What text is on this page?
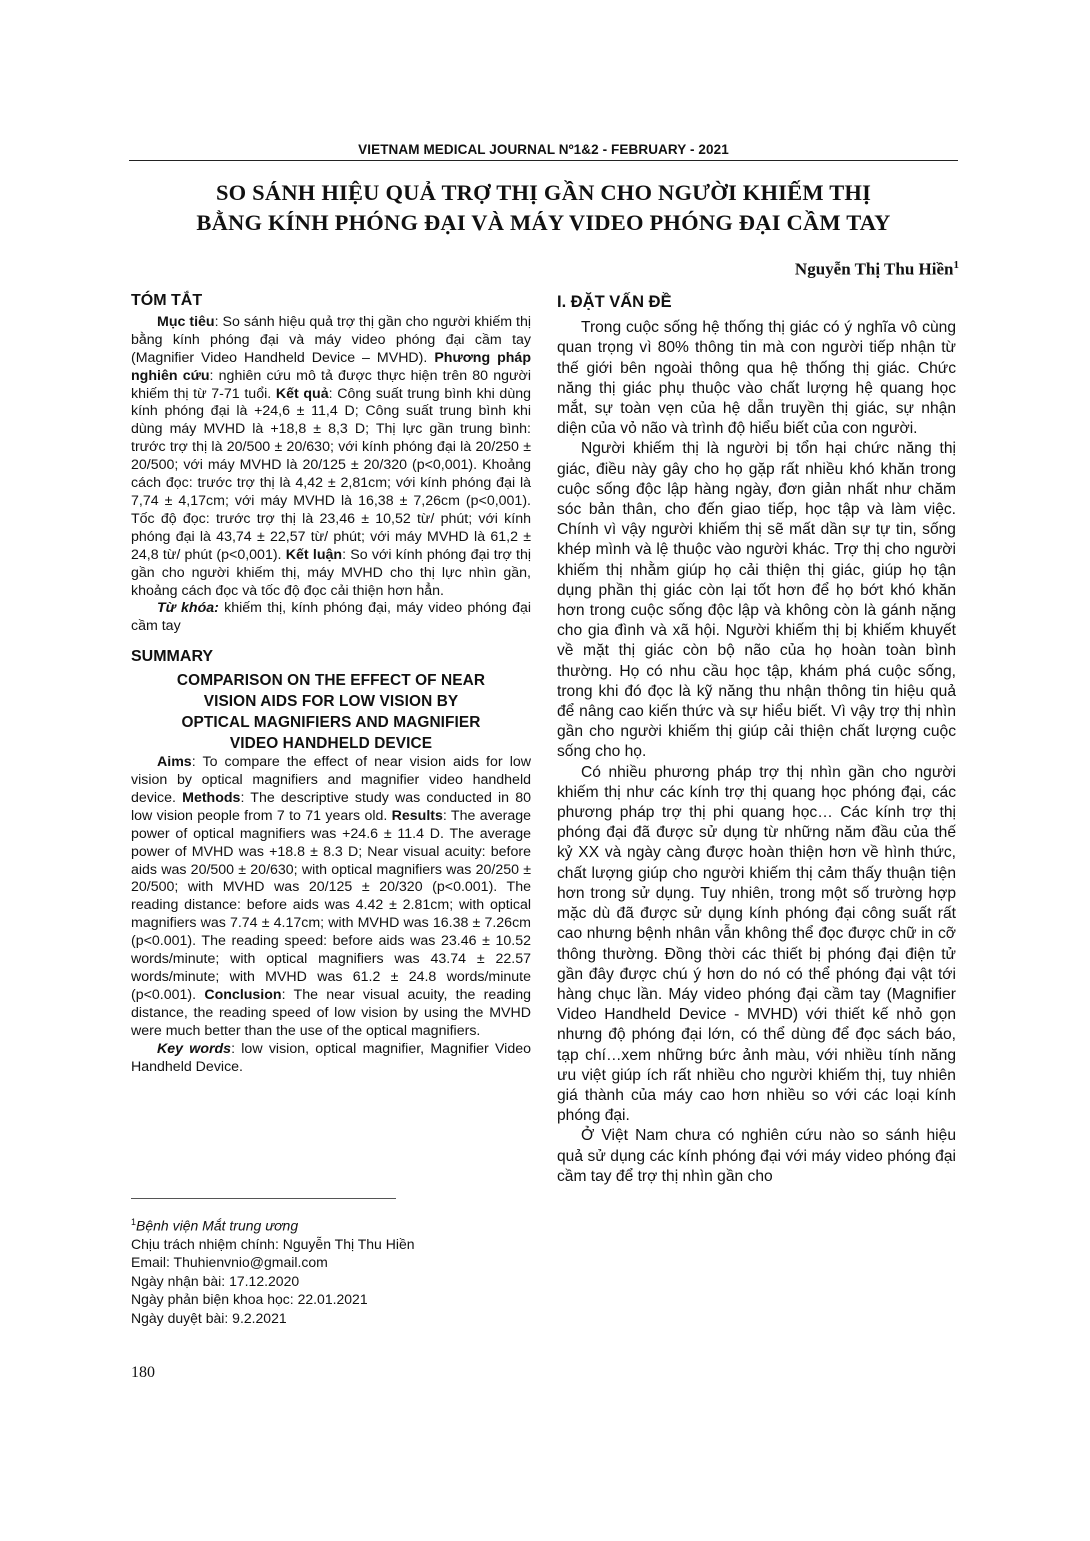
VIETNAM MEDICAL JOURNAL Nº1&2 - FEBRUARY - 2021
SO SÁNH HIỆU QUẢ TRỢ THỊ GẦN CHO NGƯỜI KHIẾM THỊ
BẰNG KÍNH PHÓNG ĐẠI VÀ MÁY VIDEO PHÓNG ĐẠI CẦM TAY
Nguyễn Thị Thu Hiền$^1$
TÓM TẮT

Mục tiêu: So sánh hiệu quả trợ thị gần cho người khiếm thị bằng kính phóng đại và máy video phóng đại cầm tay (Magnifier Video Handheld Device – MVHD). Phương pháp nghiên cứu: nghiên cứu mô tả được thực hiện trên 80 người khiếm thị từ 7-71 tuổi. Kết quả: Công suất trung bình khi dùng kính phóng đại là +24,6 ± 11,4 D; Công suất trung bình khi dùng máy MVHD là +18,8 ± 8,3 D; Thị lực gần trung bình: trước trợ thị là 20/500 ± 20/630; với kính phóng đại là 20/250 ± 20/500; với máy MVHD là 20/125 ± 20/320 (p<0,001). Khoảng cách đọc: trước trợ thị là 4,42 ± 2,81cm; với kính phóng đại là 7,74 ± 4,17cm; với máy MVHD là 16,38 ± 7,26cm (p<0,001). Tốc độ đọc: trước trợ thị là 23,46 ± 10,52 từ/ phút; với kính phóng đại là 43,74 ± 22,57 từ/ phút; với máy MVHD là 61,2 ± 24,8 từ/ phút (p<0,001). Kết luận: So với kính phóng đại trợ thị gần cho người khiếm thị, máy MVHD cho thị lực nhìn gần, khoảng cách đọc và tốc độ đọc cải thiện hơn hẳn.

Từ khóa: khiếm thị, kính phóng đại, máy video phóng đại cầm tay

SUMMARY
COMPARISON ON THE EFFECT OF NEAR
VISION AIDS FOR LOW VISION BY
OPTICAL MAGNIFIERS AND MAGNIFIER
VIDEO HANDHELD DEVICE

Aims: To compare the effect of near vision aids for low vision by optical magnifiers and magnifier video handheld device. Methods: The descriptive study was conducted in 80 low vision people from 7 to 71 years old. Results: The average power of optical magnifiers was +24.6 ± 11.4 D. The average power of MVHD was +18.8 ± 8.3 D; Near visual acuity: before aids was 20/500 ± 20/630; with optical magnifiers was 20/250 ± 20/500; with MVHD was 20/125 ± 20/320 (p<0.001). The reading distance: before aids was 4.42 ± 2.81cm; with optical magnifiers was 7.74 ± 4.17cm; with MVHD was 16.38 ± 7.26cm (p<0.001). The reading speed: before aids was 23.46 ± 10.52 words/minute; with optical magnifiers was 43.74 ± 22.57 words/minute; with MVHD was 61.2 ± 24.8 words/minute (p<0.001). Conclusion: The near visual acuity, the reading distance, the reading speed of low vision by using the MVHD were much better than the use of the optical magnifiers.

Key words: low vision, optical magnifier, Magnifier Video Handheld Device.

$^1$Bệnh viện Mắt trung ương
Chịu trách nhiệm chính: Nguyễn Thị Thu Hiền
Email: Thuhienvnio@gmail.com
Ngày nhận bài: 17.12.2020
Ngày phản biện khoa học: 22.01.2021
Ngày duyệt bài: 9.2.2021
180
I. ĐẶT VẤN ĐỀ

Trong cuộc sống hệ thống thị giác có ý nghĩa vô cùng quan trọng vì 80% thông tin mà con người tiếp nhận từ thế giới bên ngoài thông qua hệ thống thị giác. Chức năng thị giác phụ thuộc vào chất lượng hệ quang học mắt, sự toàn vẹn của hệ dẫn truyền thị giác, sự nhận diện của vỏ não và trình độ hiểu biết của con người.

Người khiếm thị là người bị tổn hại chức năng thị giác, điều này gây cho họ gặp rất nhiều khó khăn trong cuộc sống độc lập hàng ngày, đơn giản nhất như chăm sóc bản thân, cho đến giao tiếp, học tập và làm việc. Chính vì vậy người khiếm thị sẽ mất dần sự tự tin, sống khép mình và lệ thuộc vào người khác. Trợ thị cho người khiếm thị nhằm giúp họ cải thiện thị giác, giúp họ tận dụng phần thị giác còn lại tốt hơn để họ bớt khó khăn hơn trong cuộc sống độc lập và không còn là gánh nặng cho gia đình và xã hội. Người khiếm thị bị khiếm khuyết về mặt thị giác còn bộ não của họ hoàn toàn bình thường. Họ có nhu cầu học tập, khám phá cuộc sống, trong khi đó đọc là kỹ năng thu nhận thông tin hiệu quả để nâng cao kiến thức và sự hiểu biết. Vì vậy trợ thị nhìn gần cho người khiếm thị giúp cải thiện chất lượng cuộc sống cho họ.

Có nhiều phương pháp trợ thị nhìn gần cho người khiếm thị như các kính trợ thị quang học phóng đại, các phương pháp trợ thị phi quang học… Các kính trợ thị phóng đại đã được sử dụng từ những năm đầu của thế kỷ XX và ngày càng được hoàn thiện hơn về hình thức, chất lượng giúp cho người khiếm thị cảm thấy thuận tiện hơn trong sử dụng. Tuy nhiên, trong một số trường hợp mặc dù đã được sử dụng kính phóng đại công suất rất cao nhưng bệnh nhân vẫn không thể đọc được chữ in cỡ thông thường. Đồng thời các thiết bị phóng đại điện tử gần đây được chú ý hơn do nó có thể phóng đại vật tới hàng chục lần. Máy video phóng đại cầm tay (Magnifier Video Handheld Device - MVHD) với thiết kế nhỏ gọn nhưng độ phóng đại lớn, có thể dùng để đọc sách báo, tạp chí…xem những bức ảnh màu, với nhiều tính năng ưu việt giúp ích rất nhiều cho người khiếm thị, tuy nhiên giá thành của máy cao hơn nhiều so với các loại kính phóng đại.

Ở Việt Nam chưa có nghiên cứu nào so sánh hiệu quả sử dụng các kính phóng đại với máy video phóng đại cầm tay để trợ thị nhìn gần cho
